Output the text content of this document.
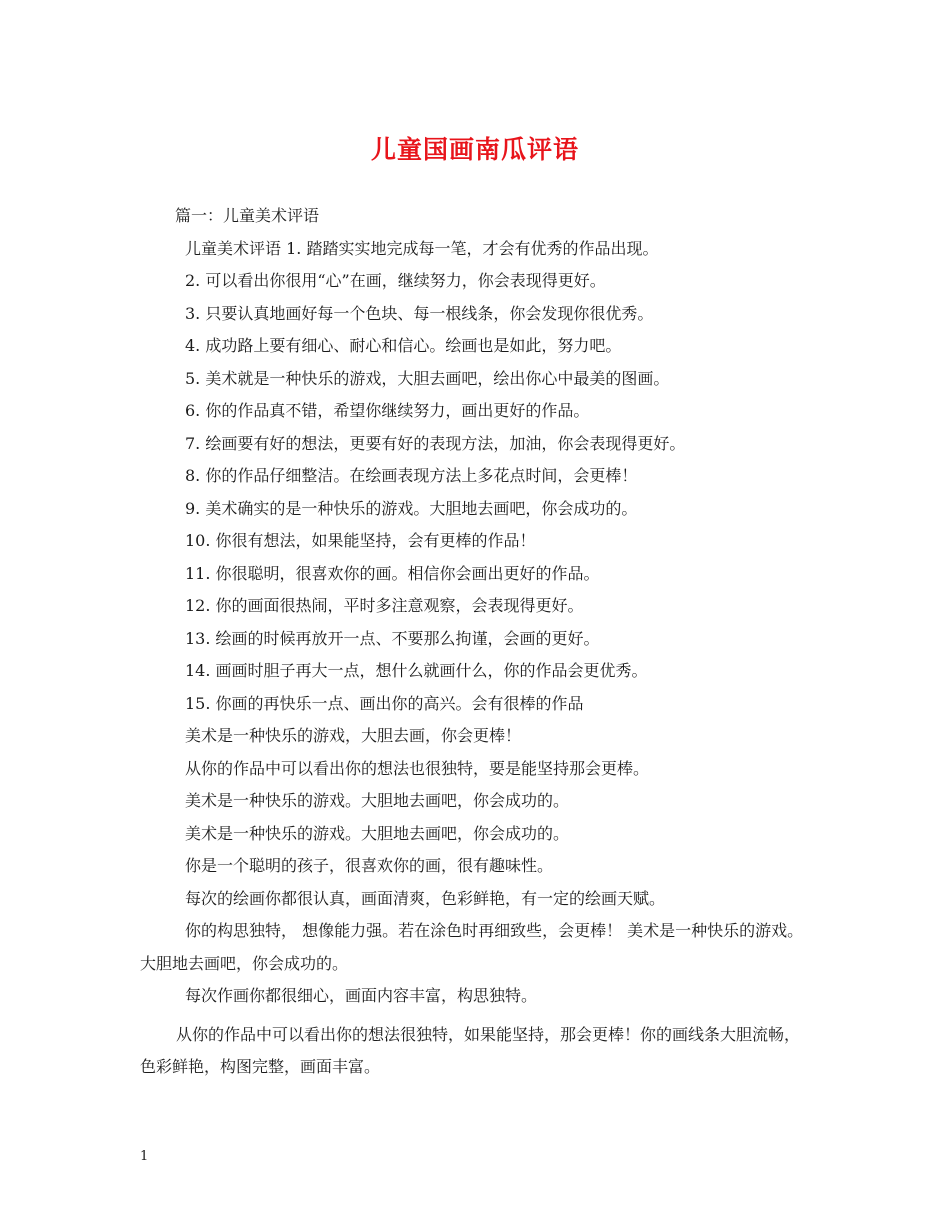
儿童国画南瓜评语
篇一：儿童美术评语
儿童美术评语 1. 踏踏实实地完成每一笔，才会有优秀的作品出现。
2. 可以看出你很用“心”在画，继续努力，你会表现得更好。
3. 只要认真地画好每一个色块、每一根线条，你会发现你很优秀。
4. 成功路上要有细心、耐心和信心。绘画也是如此，努力吧。
5. 美术就是一种快乐的游戏，大胆去画吧，绘出你心中最美的图画。
6. 你的作品真不错，希望你继续努力，画出更好的作品。
7. 绘画要有好的想法，更要有好的表现方法，加油，你会表现得更好。
8. 你的作品仔细整洁。在绘画表现方法上多花点时间，会更棒！
9. 美术确实的是一种快乐的游戏。大胆地去画吧，你会成功的。
10. 你很有想法，如果能坚持，会有更棒的作品！
11. 你很聪明，很喜欢你的画。相信你会画出更好的作品。
12. 你的画面很热闹，平时多注意观察，会表现得更好。
13. 绘画的时候再放开一点、不要那么拘谨，会画的更好。
14. 画画时胆子再大一点，想什么就画什么，你的作品会更优秀。
15. 你画的再快乐一点、画出你的高兴。会有很棒的作品
美术是一种快乐的游戏，大胆去画，你会更棒！
从你的作品中可以看出你的想法也很独特，要是能坚持那会更棒。
美术是一种快乐的游戏。大胆地去画吧，你会成功的。
美术是一种快乐的游戏。大胆地去画吧，你会成功的。
你是一个聪明的孩子，很喜欢你的画，很有趣味性。
每次的绘画你都很认真，画面清爽，色彩鲜艳，有一定的绘画天赋。

你的构思独特， 想像能力强。若在涂色时再细致些，会更棒！ 美术是一种快乐的游戏。大胆地去画吧，你会成功的。

每次作画你都很细心，画面内容丰富，构思独特。

从你的作品中可以看出你的想法很独特，如果能坚持，那会更棒！你的画线条大胆流畅，色彩鲜艳，构图完整，画面丰富。

1
